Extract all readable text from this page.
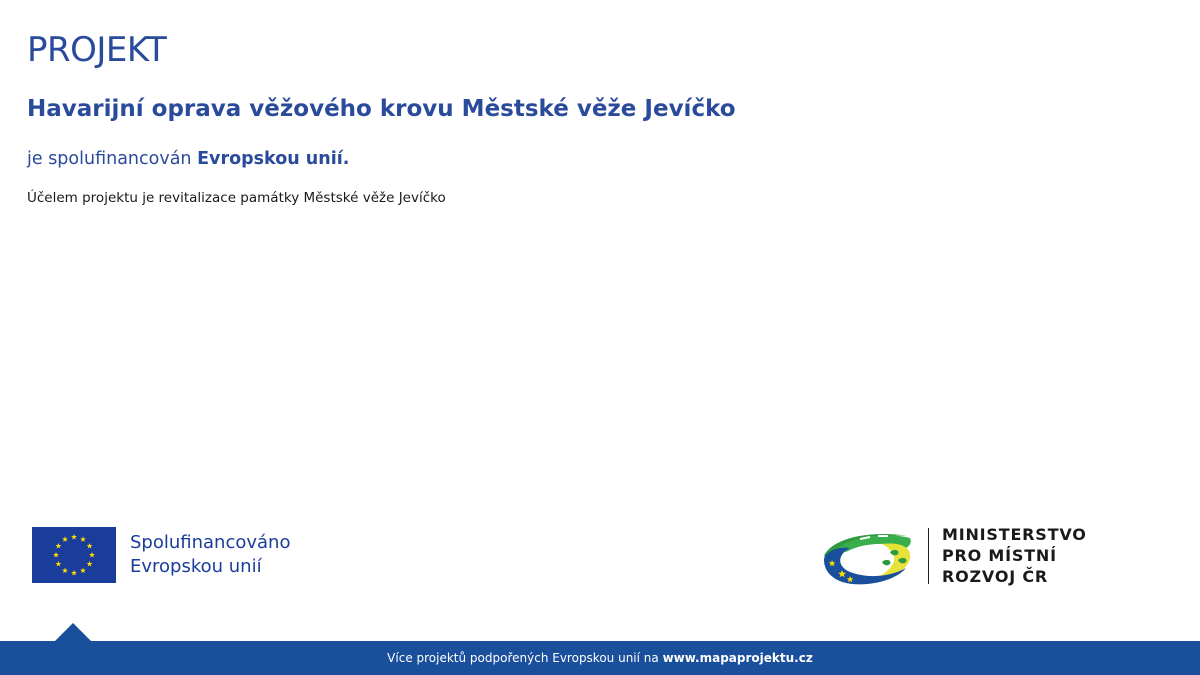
PROJEKT
Havarijní oprava věžového krovu Městské věže Jevíčko
je spolufinancován Evropskou unií.
Účelem projektu je revitalizace památky Městské věže Jevíčko
Spolufinancováno
Evropskou unií
MINISTERSTVO
PRO MÍSTNÍ
ROZVOJ ČR
Více projektů podpořených Evropskou unií na www.mapaprojektu.cz
